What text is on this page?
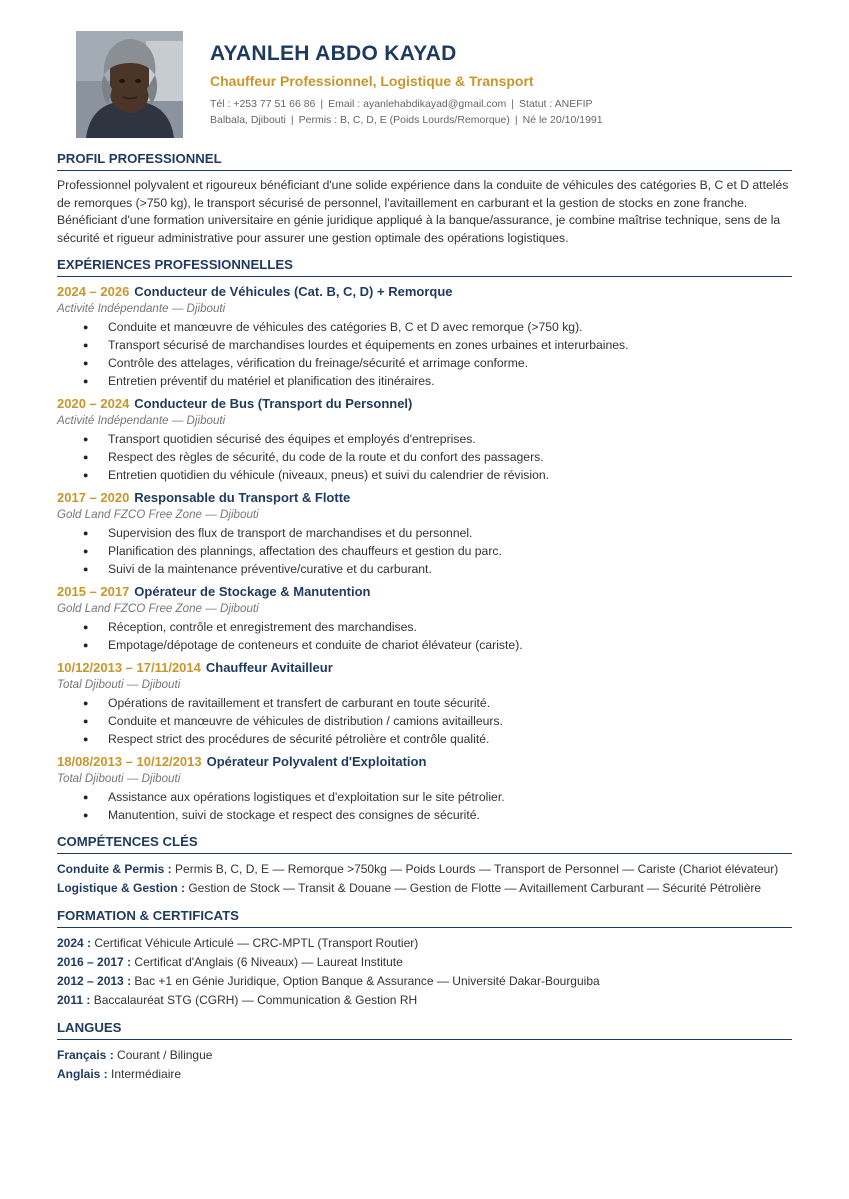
AYANLEH ABDO KAYAD
Chauffeur Professionnel, Logistique & Transport
Tél : +253 77 51 66 86 | Email : ayanlehabdikayad@gmail.com | Statut : ANEFIP
Balbala, Djibouti | Permis : B, C, D, E (Poids Lourds/Remorque) | Né le 20/10/1991
PROFIL PROFESSIONNEL

Professionnel polyvalent et rigoureux bénéficiant d'une solide expérience dans la conduite de véhicules des catégories B, C et D attelés de remorques (>750 kg), le transport sécurisé de personnel, l'avitaillement en carburant et la gestion de stocks en zone franche. Bénéficiant d'une formation universitaire en génie juridique appliqué à la banque/assurance, je combine maîtrise technique, sens de la sécurité et rigueur administrative pour assurer une gestion optimale des opérations logistiques.

EXPÉRIENCES PROFESSIONNELLES

2024 – 2026 Conducteur de Véhicules (Cat. B, C, D) + Remorque

Activité Indépendante — Djibouti

● Conduite et manœuvre de véhicules des catégories B, C et D avec remorque (>750 kg).
● Transport sécurisé de marchandises lourdes et équipements en zones urbaines et interurbaines.
● Contrôle des attelages, vérification du freinage/sécurité et arrimage conforme.
● Entretien préventif du matériel et planification des itinéraires.

2020 – 2024 Conducteur de Bus (Transport du Personnel)

Activité Indépendante — Djibouti

● Transport quotidien sécurisé des équipes et employés d'entreprises.
● Respect des règles de sécurité, du code de la route et du confort des passagers.
● Entretien quotidien du véhicule (niveaux, pneus) et suivi du calendrier de révision.

2017 – 2020 Responsable du Transport & Flotte

Gold Land FZCO Free Zone — Djibouti

● Supervision des flux de transport de marchandises et du personnel.
● Planification des plannings, affectation des chauffeurs et gestion du parc.
● Suivi de la maintenance préventive/curative et du carburant.

2015 – 2017 Opérateur de Stockage & Manutention

Gold Land FZCO Free Zone — Djibouti

● Réception, contrôle et enregistrement des marchandises.
● Empotage/dépotage de conteneurs et conduite de chariot élévateur (cariste).

10/12/2013 – 17/11/2014 Chauffeur Avitailleur

Total Djibouti — Djibouti

● Opérations de ravitaillement et transfert de carburant en toute sécurité.
● Conduite et manœuvre de véhicules de distribution / camions avitailleurs.
● Respect strict des procédures de sécurité pétrolière et contrôle qualité.

18/08/2013 – 10/12/2013 Opérateur Polyvalent d'Exploitation

Total Djibouti — Djibouti

● Assistance aux opérations logistiques et d'exploitation sur le site pétrolier.
● Manutention, suivi de stockage et respect des consignes de sécurité.
COMPÉTENCES CLÉS

Conduite & Permis : Permis B, C, D, E — Remorque >750kg — Poids Lourds — Transport de Personnel — Cariste (Chariot élévateur)

Logistique & Gestion : Gestion de Stock — Transit & Douane — Gestion de Flotte — Avitaillement Carburant — Sécurité Pétrolière

FORMATION & CERTIFICATS

2024 : Certificat Véhicule Articulé — CRC-MPTL (Transport Routier)

2016 – 2017 : Certificat d'Anglais (6 Niveaux) — Laureat Institute

2012 – 2013 : Bac +1 en Génie Juridique, Option Banque & Assurance — Université Dakar-Bourguiba

2011 : Baccalauréat STG (CGRH) — Communication & Gestion RH

LANGUES

Français : Courant / Bilingue

Anglais : Intermédiaire
